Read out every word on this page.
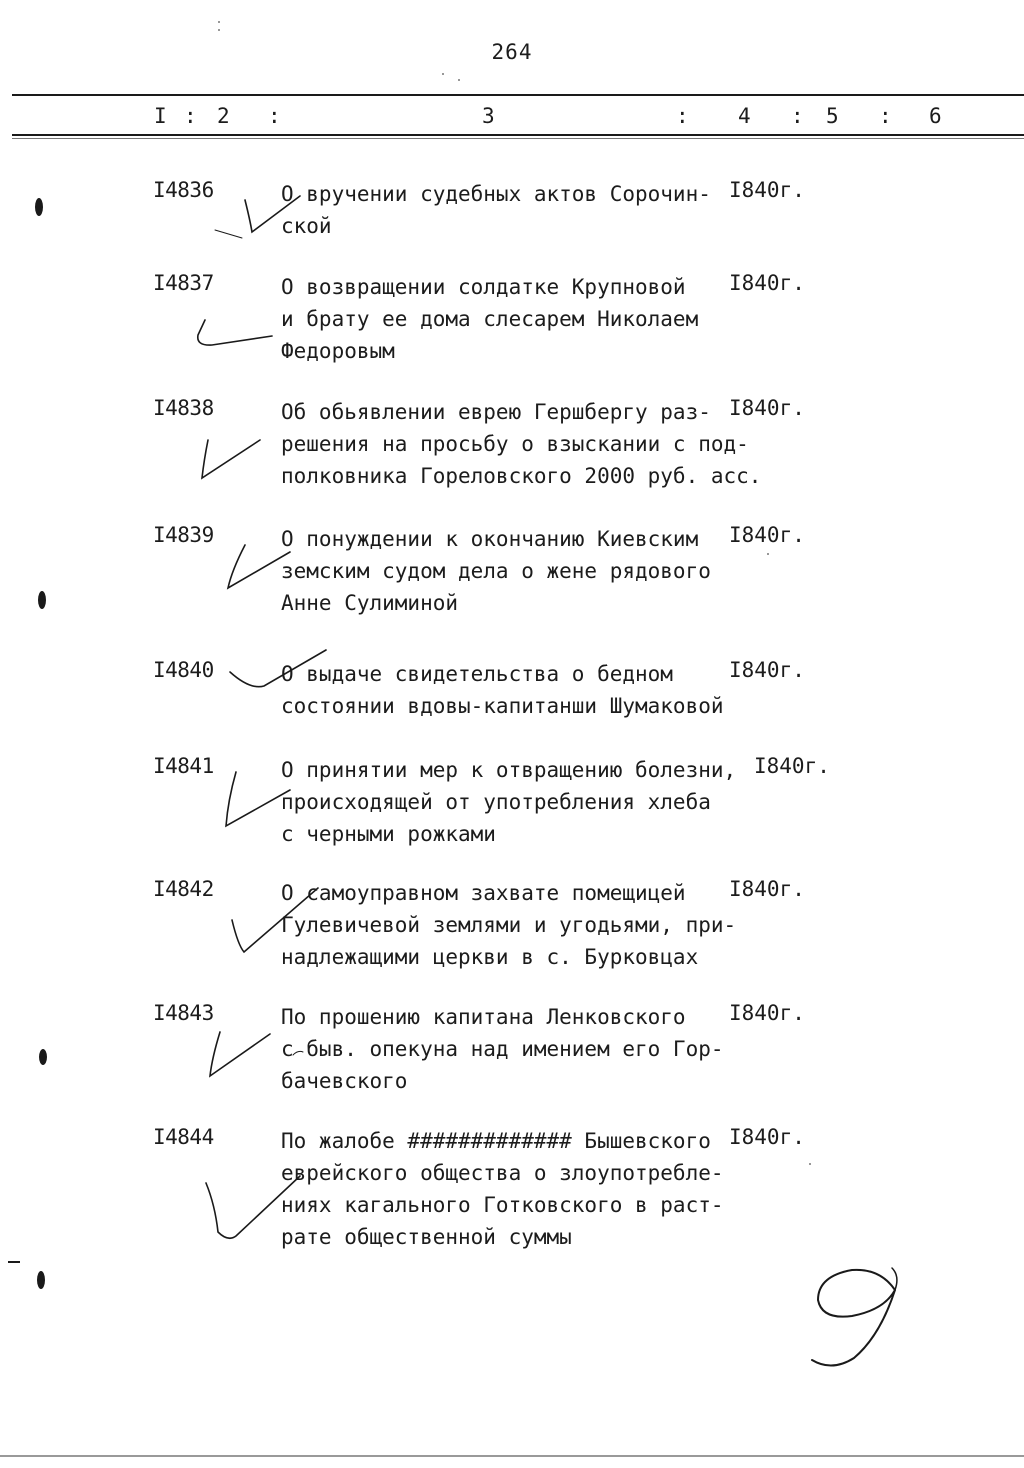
264
I : 2 :	3	: 4 : 5 : 6
I4836	О вручении судебных актов Сорочин-
ской
I840г.
I4837	О возвращении солдатке Крупновой
и брату ее дома слесарем Николаем
Федоровым
I840г.
I4838	Об обьявлении еврею Гершбергу раз-
решения на просьбу о взыскании с под-
полковника Гореловского 2000 руб. асс.
I840г.
I4839	О понуждении к окончанию Киевским
земским судом дела о жене рядового
Анне Сулиминой
I840г.
I4840	О выдаче свидетельства о бедном
состоянии вдовы-капитанши Шумаковой
I840г.
I4841	О принятии мер к отвращению болезни,
происходящей от употребления хлеба
с черными рожками
I840г.
I4842	О самоуправном захвате помещицей
Гулевичевой землями и угодьями, при-
надлежащими церкви в с. Бурковцах
I840г.
I4843	По прошению капитана Ленковского
с быв. опекуна над имением его Гор-
бачевского
I840г.
I4844	По жалобе ############# Бышевского
еврейского общества о злоупотребле-
ниях кагального Готковского в раст-
рате общественной суммы
I840г.
